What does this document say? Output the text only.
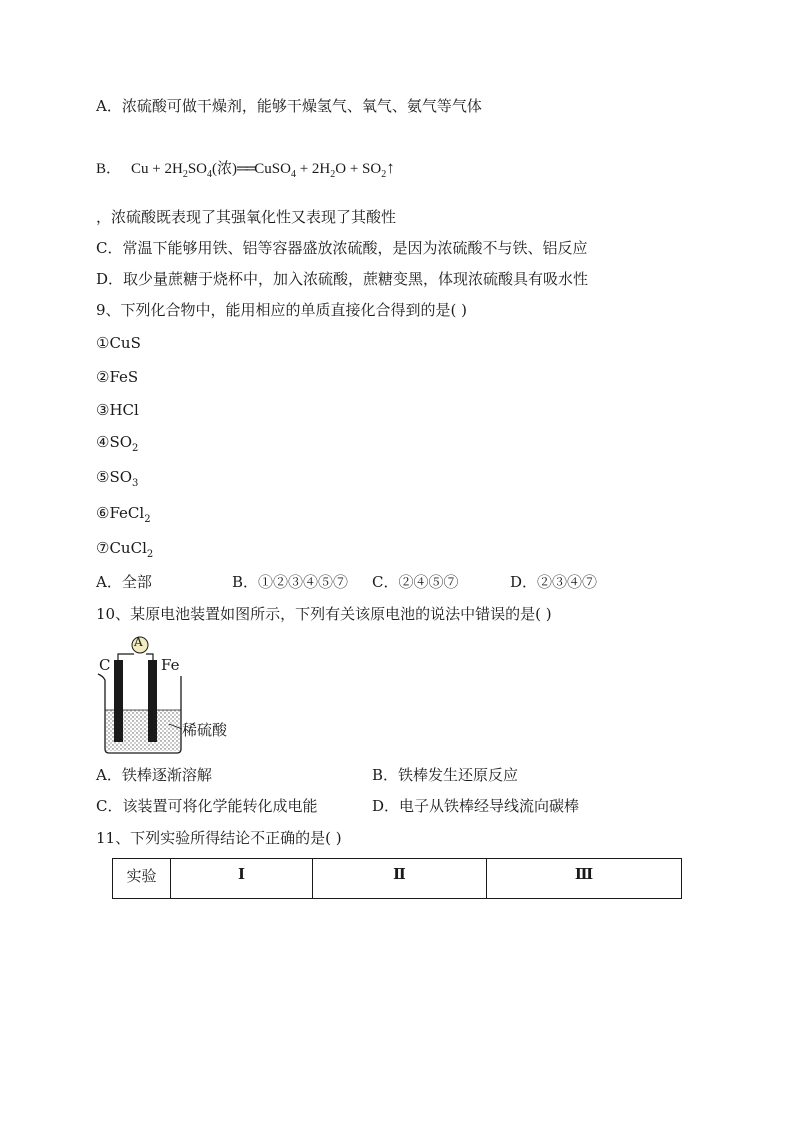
A．浓硫酸可做干燥剂，能够干燥氢气、氧气、氨气等气体
B． $Cu + 2H_2SO_4$(浓)══CuSO$_4$ + $2H_2O$ + $SO_2↑$
，浓硫酸既表现了其强氧化性又表现了其酸性
C．常温下能够用铁、铝等容器盛放浓硫酸，是因为浓硫酸不与铁、铝反应
D．取少量蔗糖于烧杯中，加入浓硫酸，蔗糖变黑，体现浓硫酸具有吸水性
9、下列化合物中，能用相应的单质直接化合得到的是( )
①CuS
②FeS
③HCl
$④SO_2$
$⑤SO_3$
⑥FeCl$_2$
⑦CuCl$_2$
A．全部	B．①②③④⑤⑦ C．②④⑤⑦	D．②③④⑦
10、某原电池装置如图所示，下列有关该原电池的说法中错误的是( )
A
C	Fe
稀硫酸
A．铁棒逐渐溶解	B．铁棒发生还原反应
C．该装置可将化学能转化成电能	D．电子从铁棒经导线流向碳棒
11、下列实验所得结论不正确的是( )
实验	Ⅰ	Ⅱ	Ⅲ
